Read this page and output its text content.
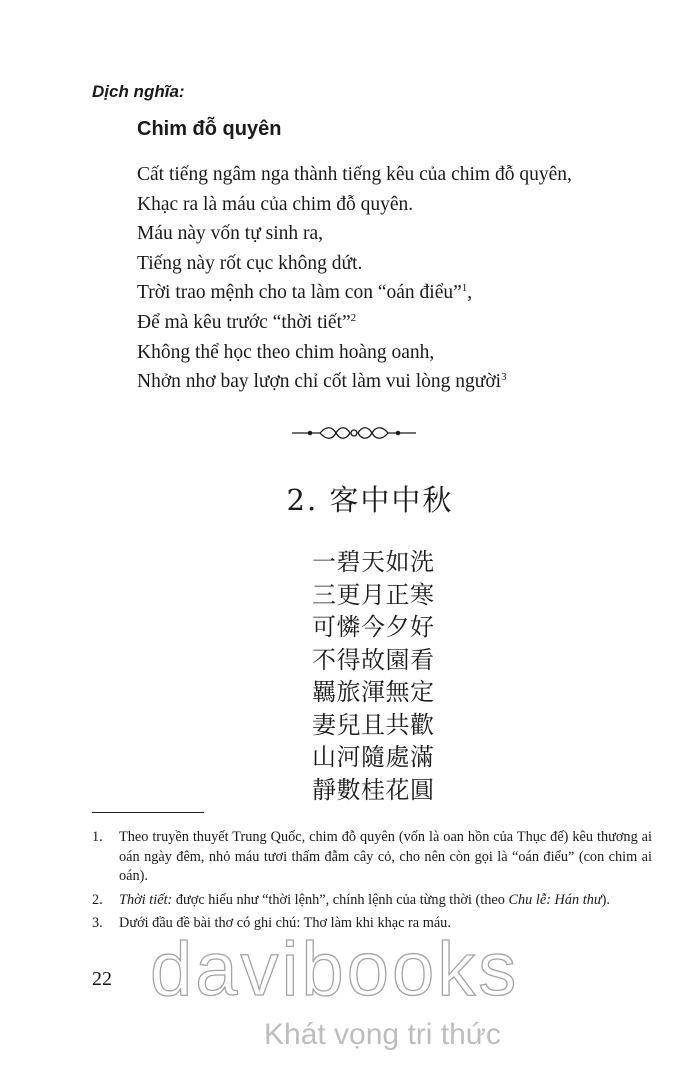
Dịch nghĩa:
Chim đỗ quyên
Cất tiếng ngâm nga thành tiếng kêu của chim đỗ quyên,
Khạc ra là máu của chim đỗ quyên.
Máu này vốn tự sinh ra,
Tiếng này rốt cục không dứt.
Trời trao mệnh cho ta làm con “oán điểu”$^1$,
Để mà kêu trước “thời tiết”$^2$
Không thể học theo chim hoàng oanh,
Nhởn nhơ bay lượn chỉ cốt làm vui lòng người$^3$
2. 客中中秋
一碧天如洗
三更月正寒
可憐今夕好
不得故園看
羈旅渾無定
妻兒且共歡
山河隨處滿
靜數桂花圓
1.	Theo truyền thuyết Trung Quốc, chim đỗ quyên (vốn là oan hồn của Thục đế) kêu thương ai oán ngày đêm, nhỏ máu tươi thấm đẫm cây cỏ, cho nên còn gọi là “oán điểu” (con chim ai oán).
2.	Thời tiết: được hiểu như “thời lệnh”, chính lệnh của từng thời (theo Chu lễ: Hán thư).
3.	Dưới đầu đề bài thơ có ghi chú: Thơ làm khi khạc ra máu.
22 davibooks
Khát vọng tri thức
